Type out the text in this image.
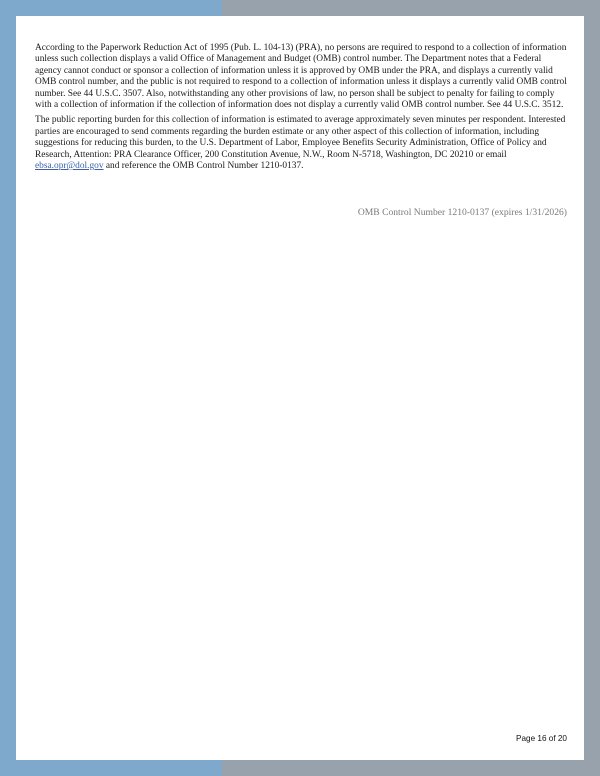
According to the Paperwork Reduction Act of 1995 (Pub. L. 104-13) (PRA), no persons are required to respond to a collection of information unless such collection displays a valid Office of Management and Budget (OMB) control number. The Department notes that a Federal agency cannot conduct or sponsor a collection of information unless it is approved by OMB under the PRA, and displays a currently valid OMB control number, and the public is not required to respond to a collection of information unless it displays a currently valid OMB control number. See 44 U.S.C. 3507. Also, notwithstanding any other provisions of law, no person shall be subject to penalty for failing to comply with a collection of information if the collection of information does not display a currently valid OMB control number. See 44 U.S.C. 3512.

The public reporting burden for this collection of information is estimated to average approximately seven minutes per respondent. Interested parties are encouraged to send comments regarding the burden estimate or any other aspect of this collection of information, including suggestions for reducing this burden, to the U.S. Department of Labor, Employee Benefits Security Administration, Office of Policy and Research, Attention: PRA Clearance Officer, 200 Constitution Avenue, N.W., Room N-5718, Washington, DC 20210 or email ebsa.opr@dol.gov and reference the OMB Control Number 1210-0137.

OMB Control Number 1210-0137 (expires 1/31/2026)
Page 16 of 20
